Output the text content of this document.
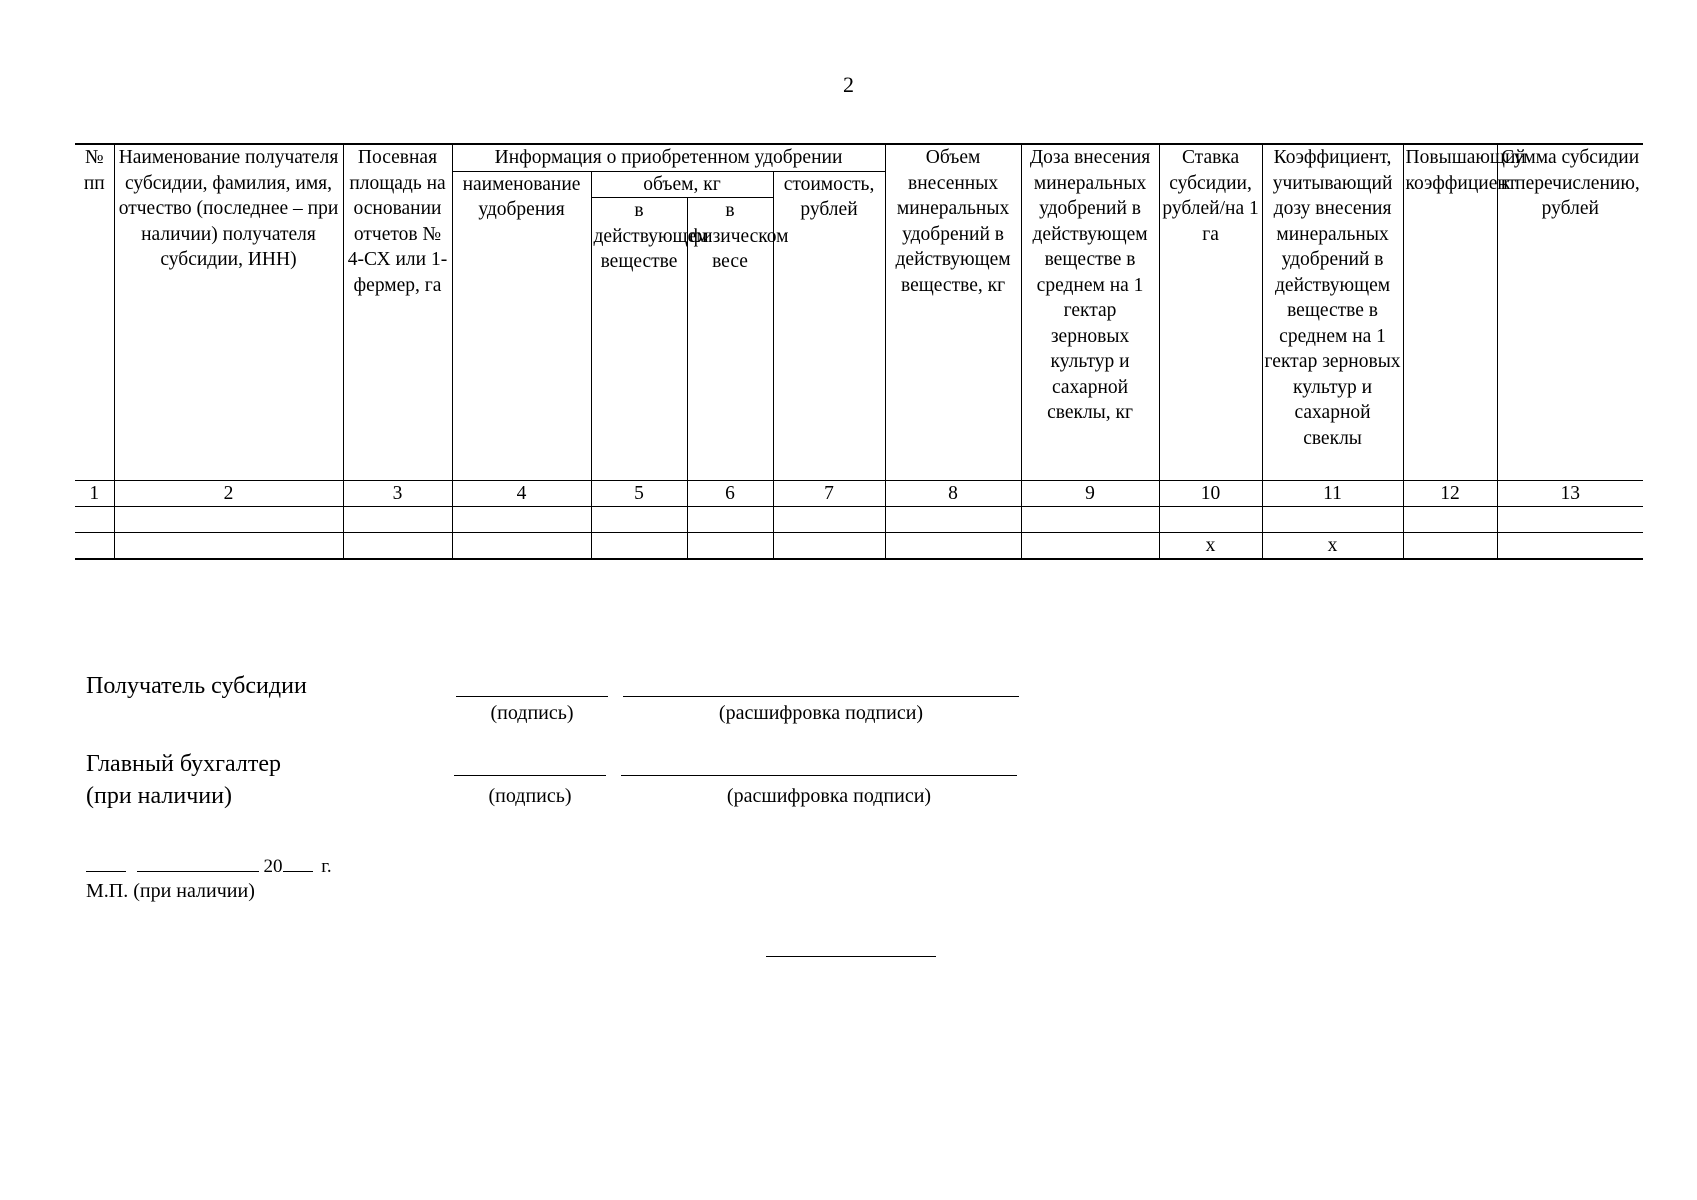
2
№ пп	Наименование получателя субсидии, фамилия, имя, отчество (последнее – при наличии) получателя субсидии, ИНН)	Посевная площадь на основании отчетов № 4-СХ или 1-фермер, га	Информация о приобретенном удобрении				Объем внесенных минеральных удобрений в действующем веществе, кг	Доза внесения минеральных удобрений в действующем веществе в среднем на 1 гектар зерновых культур и сахарной свеклы, кг	Ставка субсидии, рублей/на 1 га	Коэффициент, учитывающий дозу внесения минеральных удобрений в действующем веществе в среднем на 1 гектар зерновых культур и сахарной свеклы	Повышающий коэффициент	Сумма субсидии к перечислению, рублей
			наименование удобрения	объем, кг		стоимость, рублей						
				в действующем веществе	в физическом весе							
1	2	3	4	5	6	7	8	9	10	11	12	13

									x	x		
Получатель субсидии
(подпись)	(расшифровка подписи)
Главный бухгалтер
(при наличии)	(подпись)	(расшифровка подписи)
20 г.
М.П. (при наличии)
